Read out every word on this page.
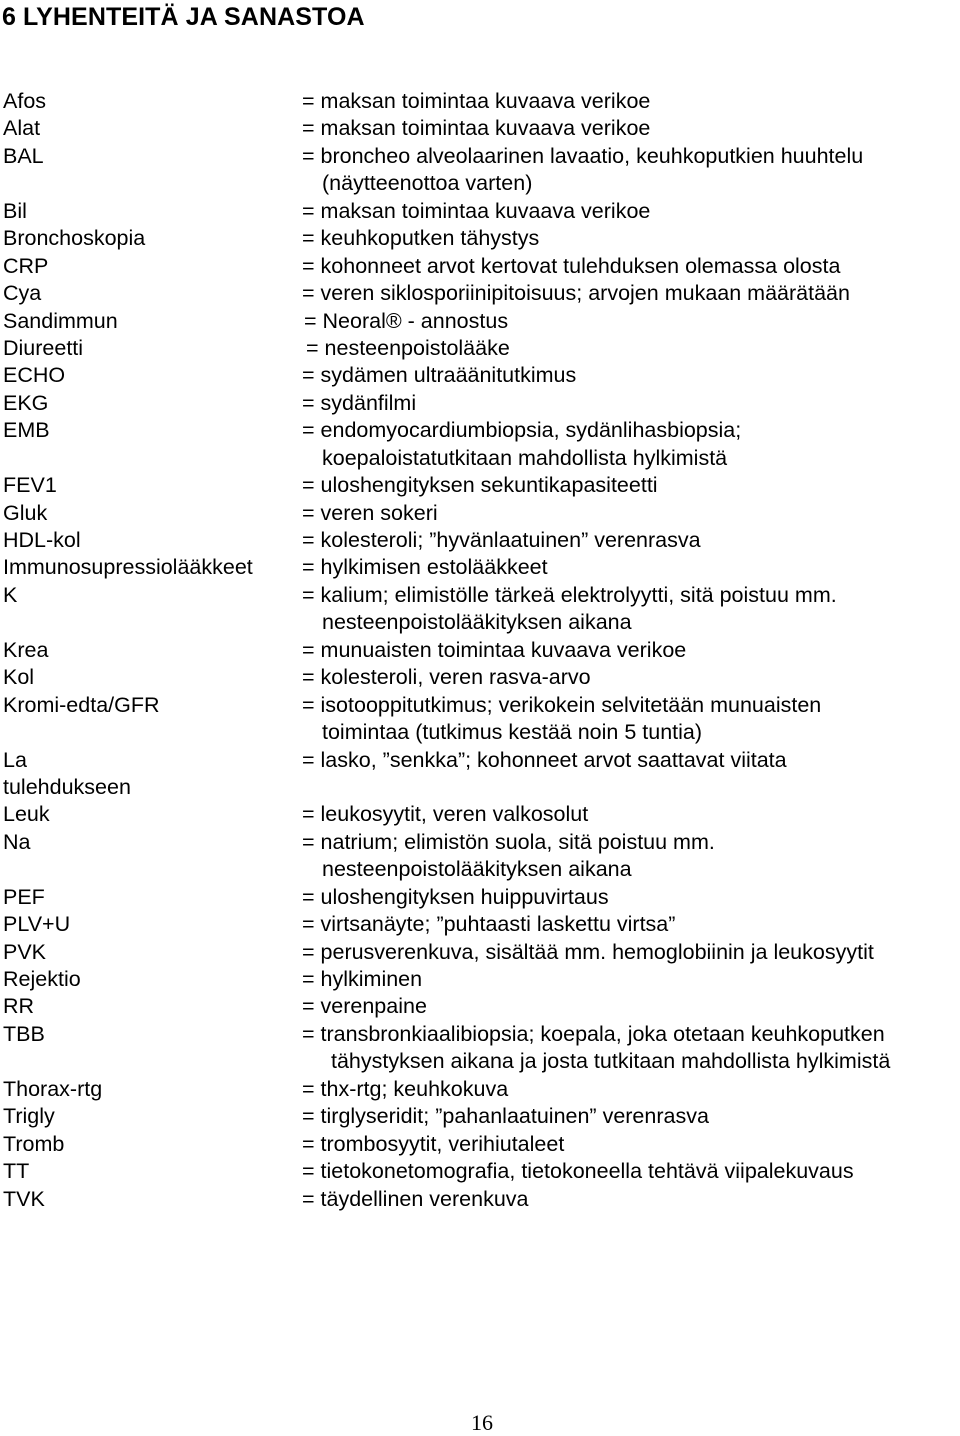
6 LYHENTEITÄ JA SANASTOA
Afos	= maksan toimintaa kuvaava verikoe
Alat	= maksan toimintaa kuvaava verikoe
BAL	= broncheo alveolaarinen lavaatio, keuhkoputkien huuhtelu
(näytteenottoa varten)
Bil	= maksan toimintaa kuvaava verikoe
Bronchoskopia	= keuhkoputken tähystys
CRP	= kohonneet arvot kertovat tulehduksen olemassa olosta
Cya	= veren siklosporiinipitoisuus; arvojen mukaan määrätään
Sandimmun	= Neoral® - annostus
Diureetti	= nesteenpoistolääke
ECHO	= sydämen ultraäänitutkimus
EKG	= sydänfilmi
EMB	= endomyocardiumbiopsia, sydänlihasbiopsia;
koepaloistatutkitaan mahdollista hylkimistä
FEV1	= uloshengityksen sekuntikapasiteetti
Gluk	= veren sokeri
HDL-kol	= kolesteroli; ”hyvänlaatuinen” verenrasva
Immunosupressiolääkkeet = hylkimisen estolääkkeet
K	= kalium; elimistölle tärkeä elektrolyytti, sitä poistuu mm.
nesteenpoistolääkityksen aikana
Krea	= munuaisten toimintaa kuvaava verikoe
Kol	= kolesteroli, veren rasva-arvo
Kromi-edta/GFR	= isotooppitutkimus; verikokein selvitetään munuaisten
toimintaa (tutkimus kestää noin 5 tuntia)
La	= lasko, ”senkka”; kohonneet arvot saattavat viitata
tulehdukseen
Leuk	= leukosyytit, veren valkosolut
Na	= natrium; elimistön suola, sitä poistuu mm.
nesteenpoistolääkityksen aikana
PEF	= uloshengityksen huippuvirtaus
PLV+U	= virtsanäyte; ”puhtaasti laskettu virtsa”
PVK	= perusverenkuva, sisältää mm. hemoglobiinin ja leukosyytit
Rejektio	= hylkiminen
RR	= verenpaine
TBB	= transbronkiaalibiopsia; koepala, joka otetaan keuhkoputken
tähystyksen aikana ja josta tutkitaan mahdollista hylkimistä
Thorax-rtg	= thx-rtg; keuhkokuva
Trigly	= tirglyseridit; ”pahanlaatuinen” verenrasva
Tromb	= trombosyytit, verihiutaleet
TT	= tietokonetomografia, tietokoneella tehtävä viipalekuvaus
TVK	= täydellinen verenkuva
16
